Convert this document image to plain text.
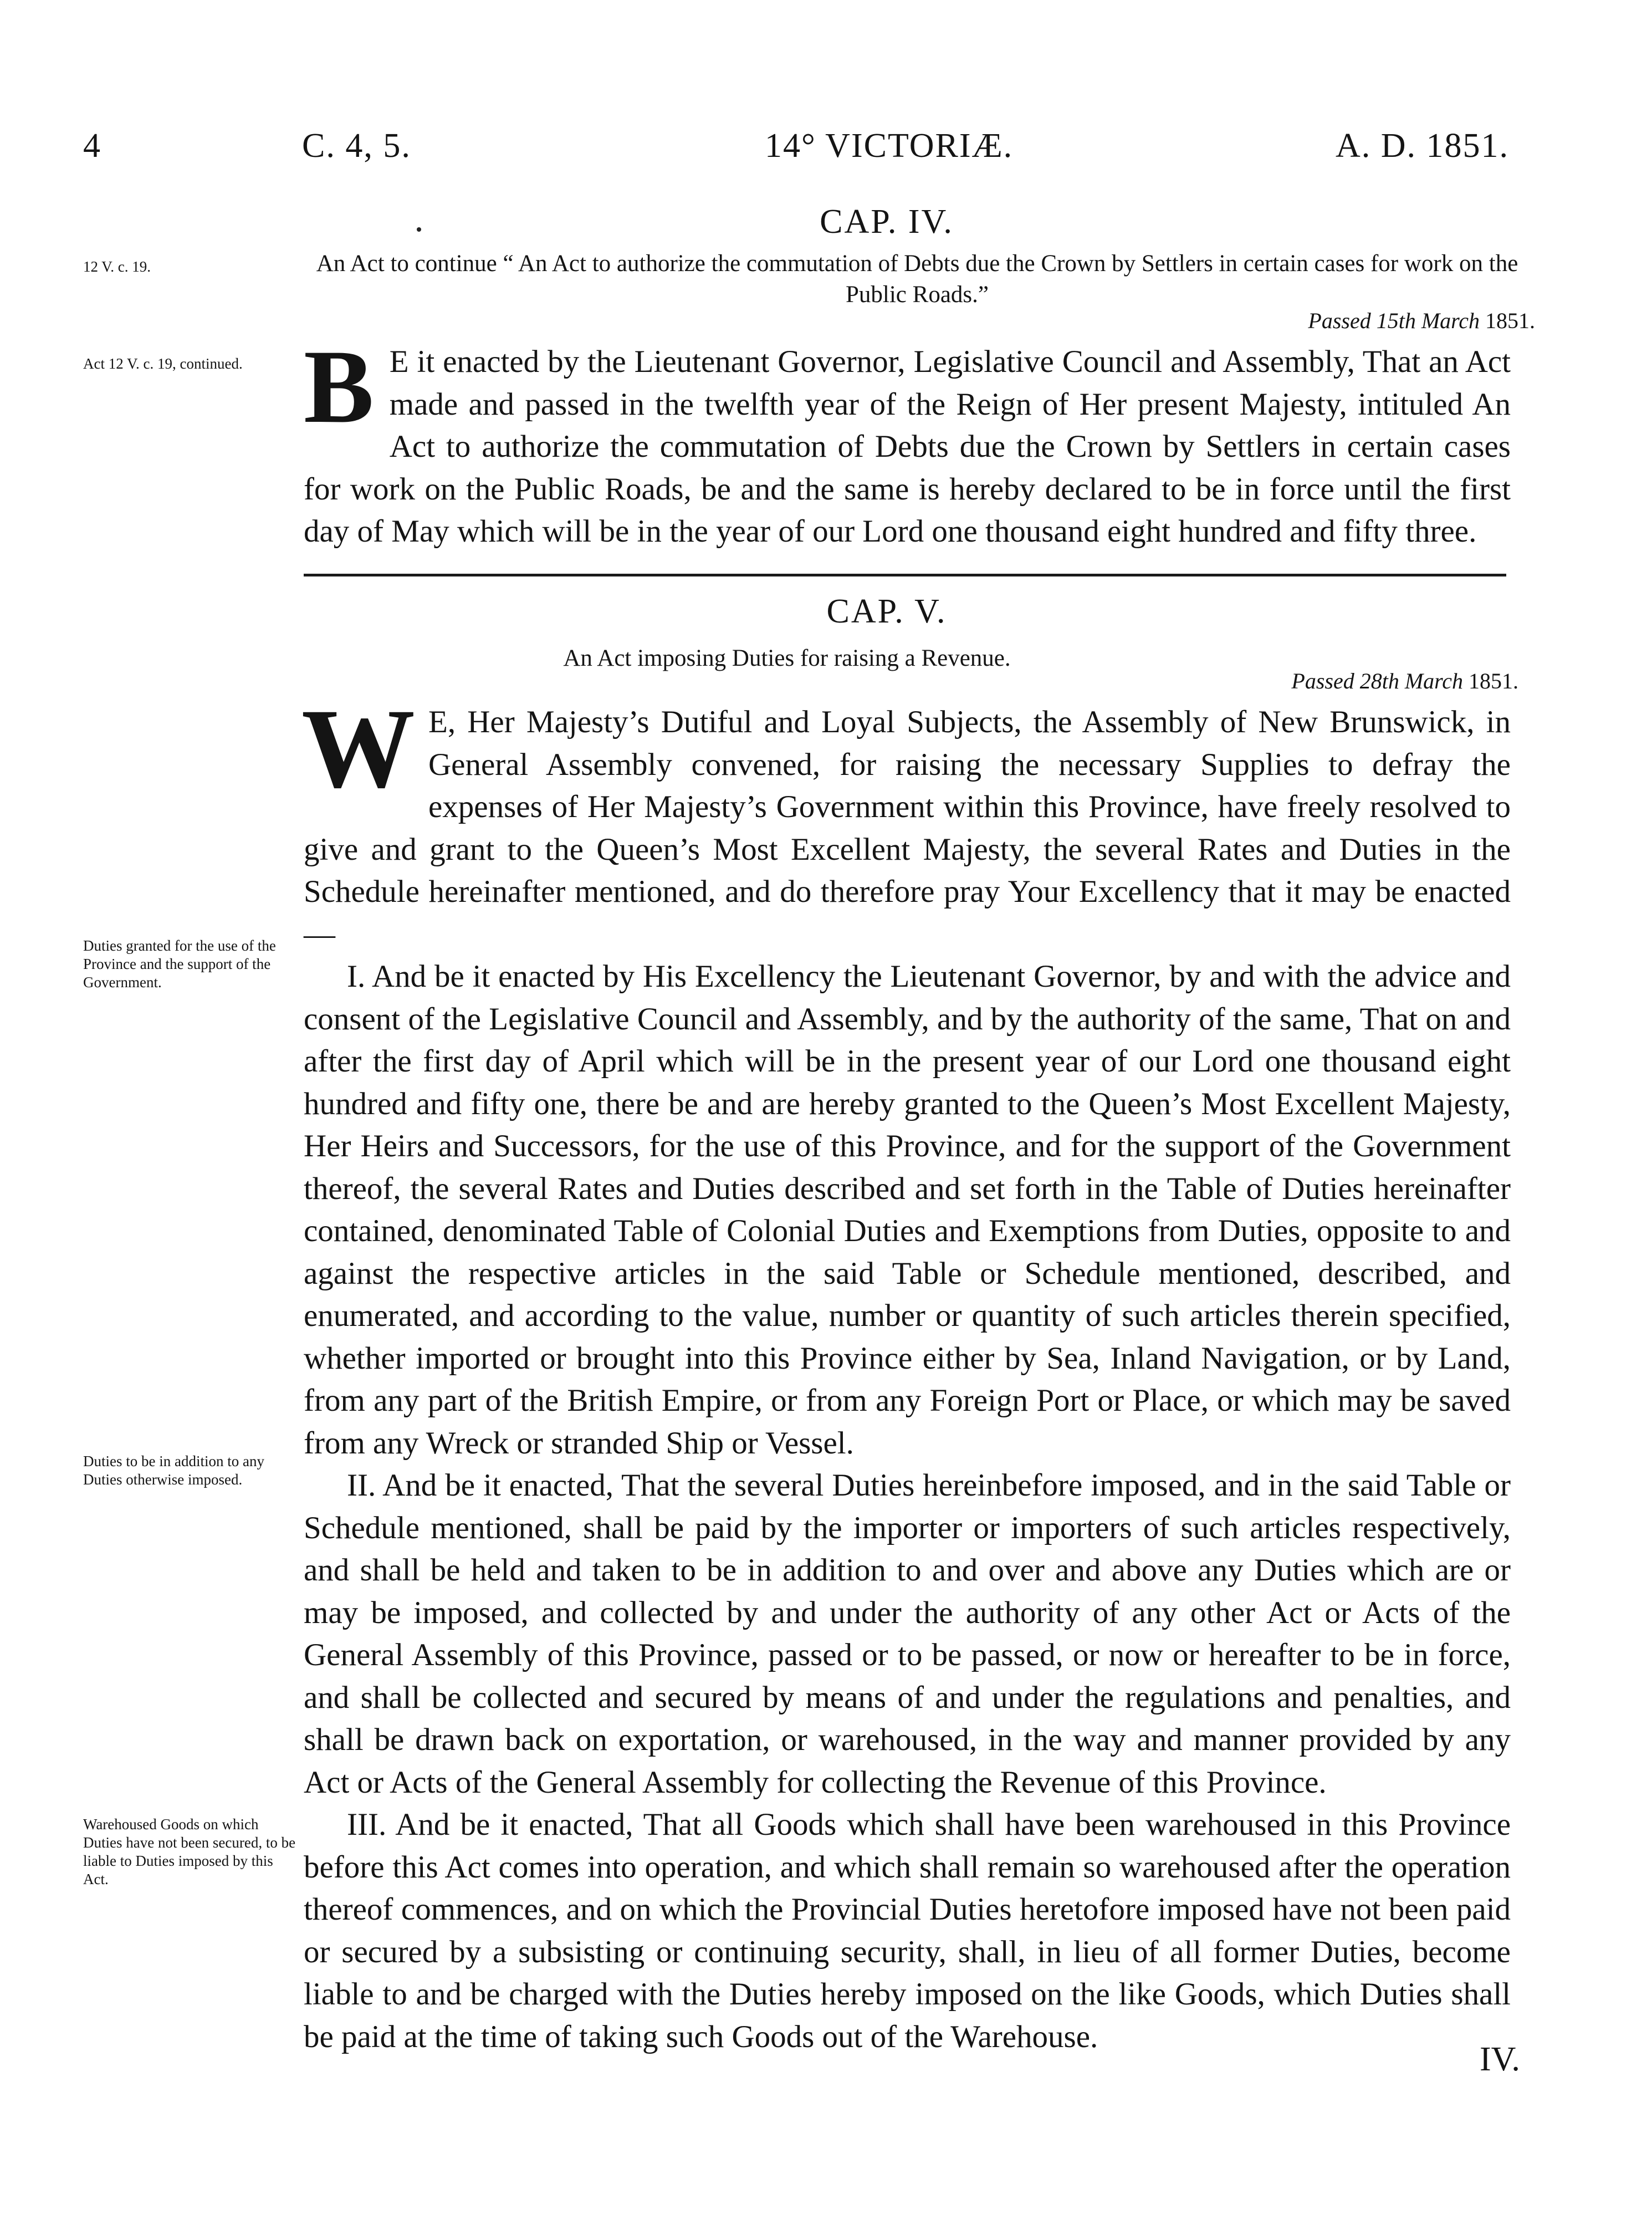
4	C. 4, 5.	14° VICTORIÆ.	A. D. 1851.
CAP. IV.
12 V. c. 19.	An Act to continue “ An Act to authorize the commutation of Debts due the Crown by Settlers in certain cases for work on the Public Roads.”
Passed 15th March 1851.
Act 12 V. c. 19, continued. B E it enacted by the Lieutenant Governor, Legislative Council and Assembly, That an Act made and passed in the twelfth year of the Reign of Her present Majesty, intituled An Act to authorize the commutation of Debts due the Crown by Settlers in certain cases for work on the Public Roads, be and the same is hereby declared to be in force until the first day of May which will be in the year of our Lord one thousand eight hundred and fifty three.
CAP. V.
An Act imposing Duties for raising a Revenue.
Passed 28th March 1851.

W E, Her Majesty’s Dutiful and Loyal Subjects, the Assembly of New Brunswick, in General Assembly convened, for raising the necessary Supplies to defray the expenses of Her Majesty’s Government within this Province, have freely resolved to give and grant to the Queen’s Most Excellent Majesty, the several Rates and Duties in the Schedule hereinafter mentioned, and do therefore pray Your Excellency that it may be enacted—

I. And be it enacted by His Excellency the Lieutenant Governor, by and with the advice and consent of the Legislative Council and Assembly, and by the authority of the same, That on and after the first day of April which will be in the present year of our Lord one thousand eight hundred and fifty one, there be and are hereby granted to the Queen’s Most Excellent Majesty, Her Heirs and Successors, for the use of this Province, and for the support of the Government thereof, the several Rates and Duties described and set forth in the Table of Duties hereinafter contained, denominated Table of Colonial Duties and Exemptions from Duties, opposite to and against the respective articles in the said Table or Schedule mentioned, described, and enumerated, and according to the value, number or quantity of such articles therein specified, whether imported or brought into this Province either by Sea, Inland Navigation, or by Land, from any part of the British Empire, or from any Foreign Port or Place, or which may be saved from any Wreck or stranded Ship or Vessel.

II. And be it enacted, That the several Duties hereinbefore imposed, and in the said Table or Schedule mentioned, shall be paid by the importer or importers of such articles respectively, and shall be held and taken to be in addition to and over and above any Duties which are or may be imposed, and collected by and under the authority of any other Act or Acts of the General Assembly of this Province, passed or to be passed, or now or hereafter to be in force, and shall be collected and secured by means of and under the regulations and penalties, and shall be drawn back on exportation, or warehoused, in the way and manner provided by any Act or Acts of the General Assembly for collecting the Revenue of this Province.

III. And be it enacted, That all Goods which shall have been warehoused in this Province before this Act comes into operation, and which shall remain so warehoused after the operation thereof commences, and on which the Provincial Duties heretofore imposed have not been paid or secured by a subsisting or continuing security, shall, in lieu of all former Duties, become liable to and be charged with the Duties hereby imposed on the like Goods, which Duties shall be paid at the time of taking such Goods out of the Warehouse.

Duties granted for the use of the Province and the support of the Government.
Duties to be in addition to any Duties otherwise imposed.
Warehoused Goods on which Duties have not been secured, to be liable to Duties imposed by this Act.
IV.
